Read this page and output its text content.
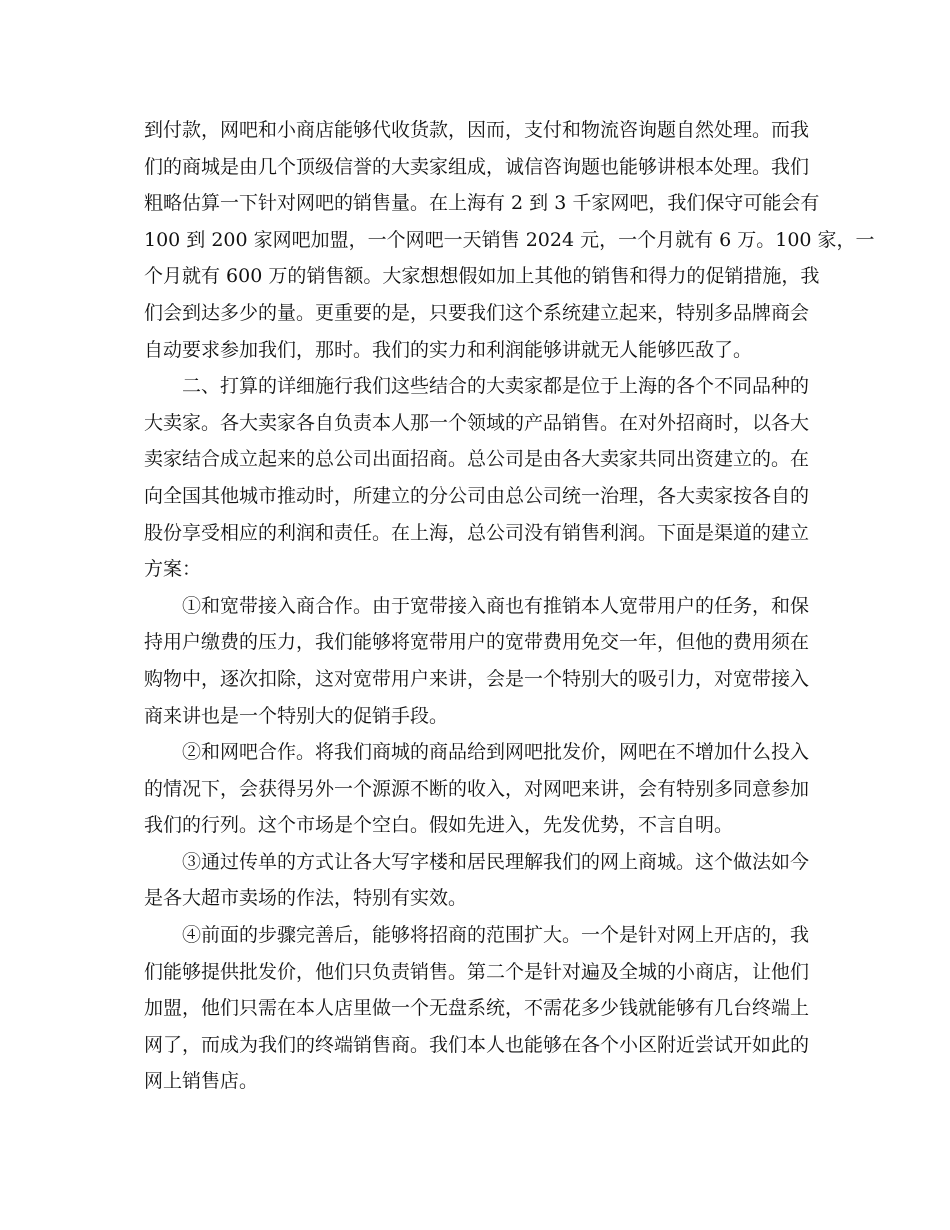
到付款，网吧和小商店能够代收货款，因而，支付和物流咨询题自然处理。而我
们的商城是由几个顶级信誉的大卖家组成，诚信咨询题也能够讲根本处理。我们
粗略估算一下针对网吧的销售量。在上海有 2 到 3 千家网吧，我们保守可能会有
100 到 200 家网吧加盟，一个网吧一天销售 2024 元，一个月就有 6 万。100 家，一
个月就有 600 万的销售额。大家想想假如加上其他的销售和得力的促销措施，我
们会到达多少的量。更重要的是，只要我们这个系统建立起来，特别多品牌商会
自动要求参加我们，那时。我们的实力和利润能够讲就无人能够匹敌了。
二、打算的详细施行我们这些结合的大卖家都是位于上海的各个不同品种的
大卖家。各大卖家各自负责本人那一个领域的产品销售。在对外招商时，以各大
卖家结合成立起来的总公司出面招商。总公司是由各大卖家共同出资建立的。在
向全国其他城市推动时，所建立的分公司由总公司统一治理，各大卖家按各自的
股份享受相应的利润和责任。在上海，总公司没有销售利润。下面是渠道的建立
方案：
①和宽带接入商合作。由于宽带接入商也有推销本人宽带用户的任务，和保
持用户缴费的压力，我们能够将宽带用户的宽带费用免交一年，但他的费用须在
购物中，逐次扣除，这对宽带用户来讲，会是一个特别大的吸引力，对宽带接入
商来讲也是一个特别大的促销手段。
②和网吧合作。将我们商城的商品给到网吧批发价，网吧在不增加什么投入
的情况下，会获得另外一个源源不断的收入，对网吧来讲，会有特别多同意参加
我们的行列。这个市场是个空白。假如先进入，先发优势，不言自明。
③通过传单的方式让各大写字楼和居民理解我们的网上商城。这个做法如今
是各大超市卖场的作法，特别有实效。
④前面的步骤完善后，能够将招商的范围扩大。一个是针对网上开店的，我
们能够提供批发价，他们只负责销售。第二个是针对遍及全城的小商店，让他们
加盟，他们只需在本人店里做一个无盘系统，不需花多少钱就能够有几台终端上
网了，而成为我们的终端销售商。我们本人也能够在各个小区附近尝试开如此的
网上销售店。
